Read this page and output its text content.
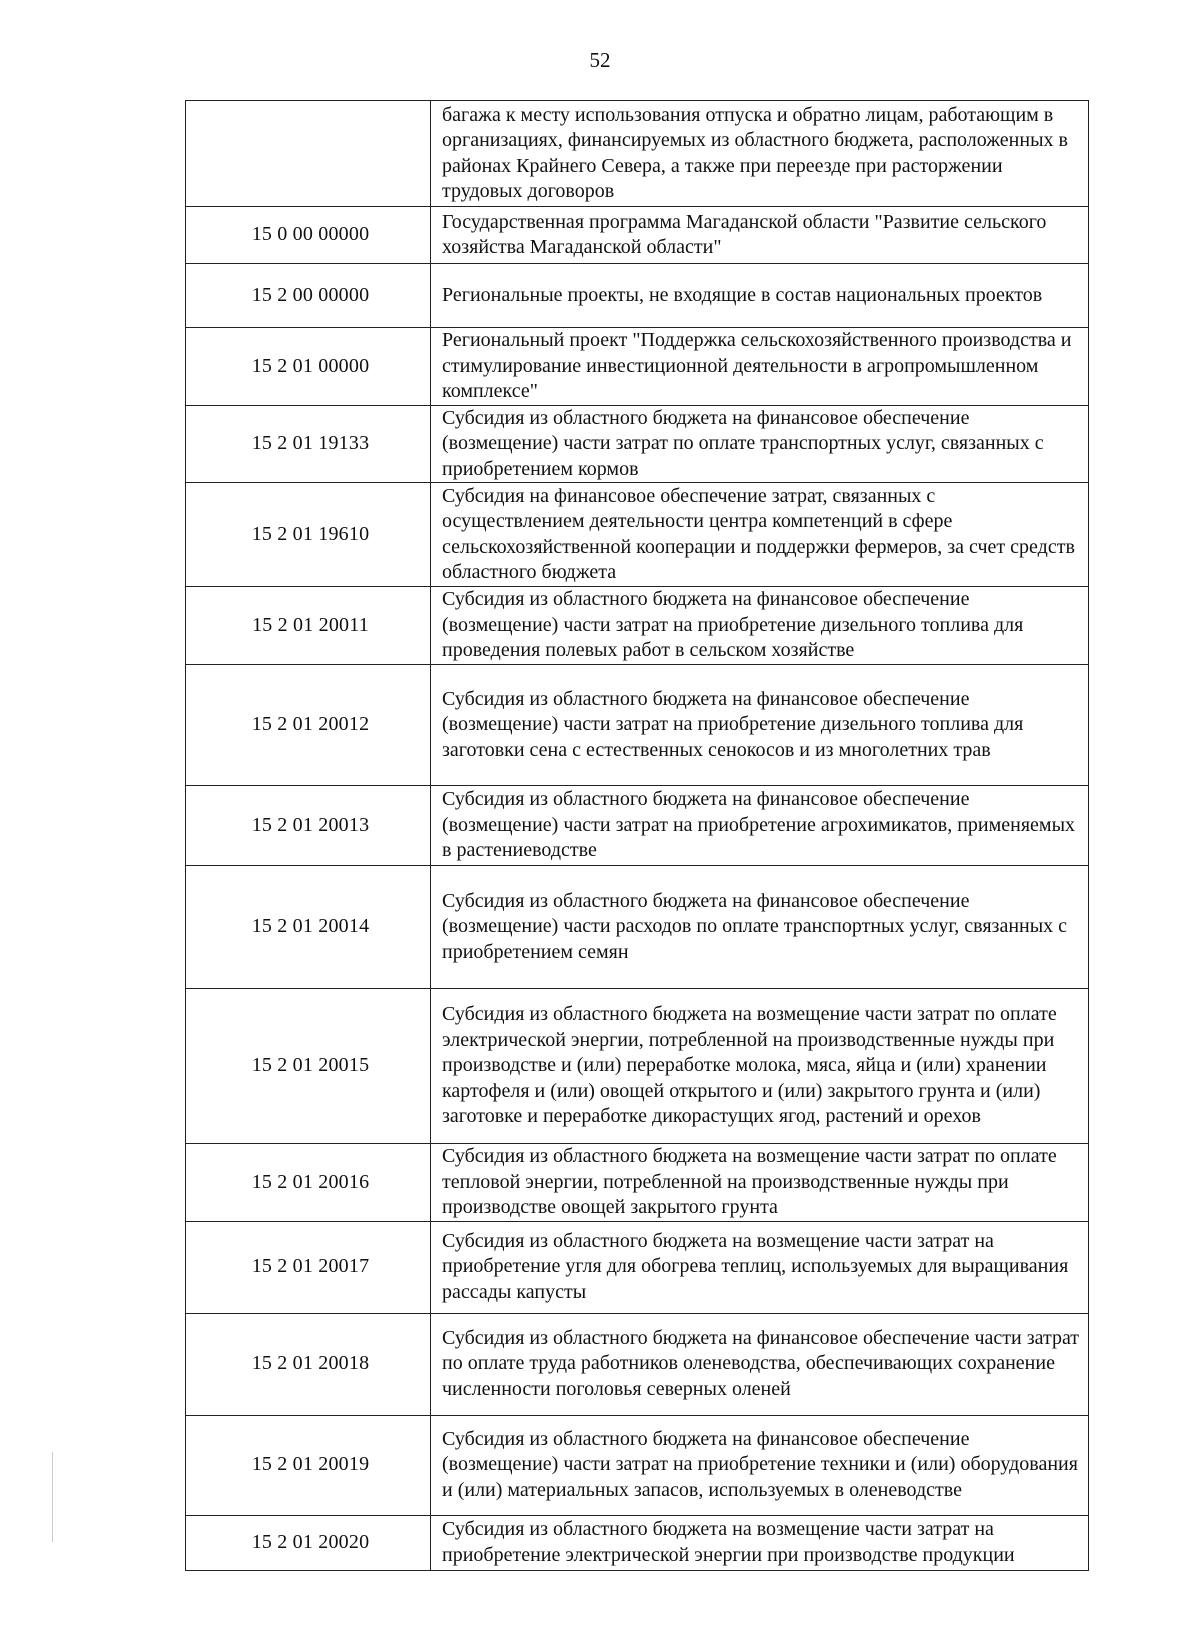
52

	багажа к месту использования отпуска и обратно лицам, работающим в организациях, финансируемых из областного бюджета, расположенных в районах Крайнего Севера, а также при переезде при расторжении трудовых договоров

15 0 00 00000	Государственная программа Магаданской области "Развитие сельского хозяйства Магаданской области"

15 2 00 00000	Региональные проекты, не входящие в состав национальных проектов

15 2 01 00000	Региональный проект "Поддержка сельскохозяйственного производства и стимулирование инвестиционной деятельности в агропромышленном комплексе"

15 2 01 19133	Субсидия из областного бюджета на финансовое обеспечение (возмещение) части затрат по оплате транспортных услуг, связанных с приобретением кормов

15 2 01 19610	Субсидия на финансовое обеспечение затрат, связанных с осуществлением деятельности центра компетенций в сфере сельскохозяйственной кооперации и поддержки фермеров, за счет средств областного бюджета

15 2 01 20011	Субсидия из областного бюджета на финансовое обеспечение (возмещение) части затрат на приобретение дизельного топлива для проведения полевых работ в сельском хозяйстве

15 2 01 20012	Субсидия из областного бюджета на финансовое обеспечение (возмещение) части затрат на приобретение дизельного топлива для заготовки сена с естественных сенокосов и из многолетних трав

15 2 01 20013	Субсидия из областного бюджета на финансовое обеспечение (возмещение) части затрат на приобретение агрохимикатов, применяемых в растениеводстве

15 2 01 20014	Субсидия из областного бюджета на финансовое обеспечение (возмещение) части расходов по оплате транспортных услуг, связанных с приобретением семян

15 2 01 20015	Субсидия из областного бюджета на возмещение части затрат по оплате электрической энергии, потребленной на производственные нужды при производстве и (или) переработке молока, мяса, яйца и (или) хранении картофеля и (или) овощей открытого и (или) закрытого грунта и (или) заготовке и переработке дикорастущих ягод, растений и орехов

15 2 01 20016	Субсидия из областного бюджета на возмещение части затрат по оплате тепловой энергии, потребленной на производственные нужды при производстве овощей закрытого грунта

15 2 01 20017	Субсидия из областного бюджета на возмещение части затрат на приобретение угля для обогрева теплиц, используемых для выращивания рассады капусты

15 2 01 20018	Субсидия из областного бюджета на финансовое обеспечение части затрат по оплате труда работников оленеводства, обеспечивающих сохранение численности поголовья северных оленей

15 2 01 20019	Субсидия из областного бюджета на финансовое обеспечение (возмещение) части затрат на приобретение техники и (или) оборудования и (или) материальных запасов, используемых в оленеводстве

15 2 01 20020	Субсидия из областного бюджета на возмещение части затрат на приобретение электрической энергии при производстве продукции
